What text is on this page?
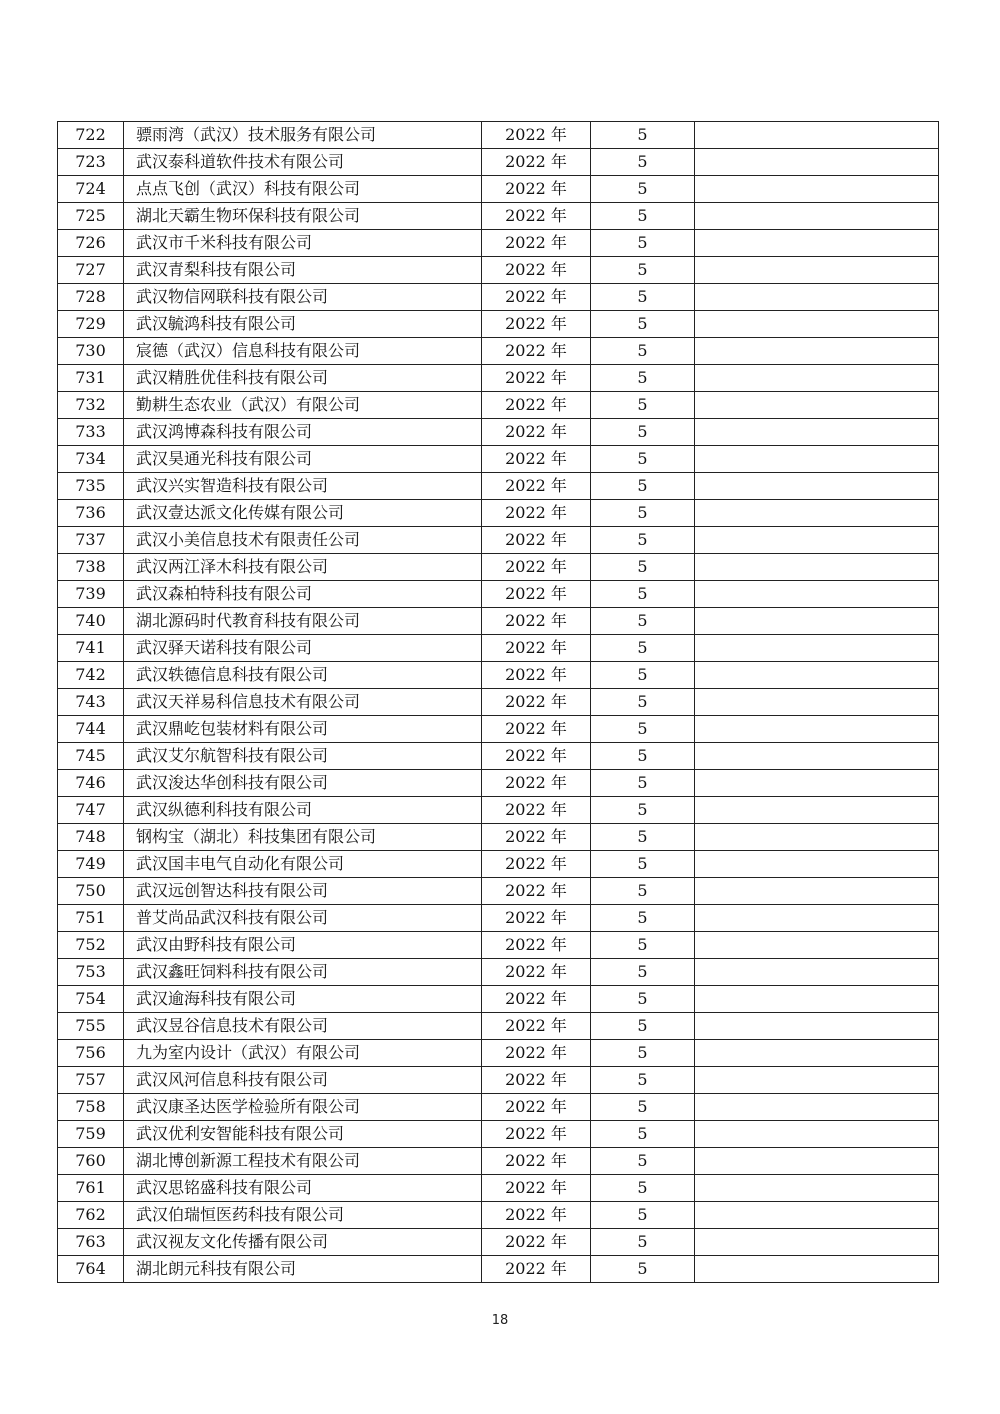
722	骠雨湾（武汉）技术服务有限公司	2022 年	5	
723	武汉泰科道软件技术有限公司	2022 年	5	
724	点点飞创（武汉）科技有限公司	2022 年	5	
725	湖北天霸生物环保科技有限公司	2022 年	5	
726	武汉市千米科技有限公司	2022 年	5	
727	武汉青梨科技有限公司	2022 年	5	
728	武汉物信网联科技有限公司	2022 年	5	
729	武汉毓鸿科技有限公司	2022 年	5	
730	宸德（武汉）信息科技有限公司	2022 年	5	
731	武汉精胜优佳科技有限公司	2022 年	5	
732	勤耕生态农业（武汉）有限公司	2022 年	5	
733	武汉鸿博森科技有限公司	2022 年	5	
734	武汉昊通光科技有限公司	2022 年	5	
735	武汉兴实智造科技有限公司	2022 年	5	
736	武汉壹达派文化传媒有限公司	2022 年	5	
737	武汉小美信息技术有限责任公司	2022 年	5	
738	武汉两江泽木科技有限公司	2022 年	5	
739	武汉森柏特科技有限公司	2022 年	5	
740	湖北源码时代教育科技有限公司	2022 年	5	
741	武汉驿天诺科技有限公司	2022 年	5	
742	武汉轶德信息科技有限公司	2022 年	5	
743	武汉天祥易科信息技术有限公司	2022 年	5	
744	武汉鼎屹包装材料有限公司	2022 年	5	
745	武汉艾尔航智科技有限公司	2022 年	5	
746	武汉浚达华创科技有限公司	2022 年	5	
747	武汉纵德利科技有限公司	2022 年	5	
748	钢构宝（湖北）科技集团有限公司	2022 年	5	
749	武汉国丰电气自动化有限公司	2022 年	5	
750	武汉远创智达科技有限公司	2022 年	5	
751	普艾尚品武汉科技有限公司	2022 年	5	
752	武汉由野科技有限公司	2022 年	5	
753	武汉鑫旺饲料科技有限公司	2022 年	5	
754	武汉逾海科技有限公司	2022 年	5	
755	武汉昱谷信息技术有限公司	2022 年	5	
756	九为室内设计（武汉）有限公司	2022 年	5	
757	武汉风河信息科技有限公司	2022 年	5	
758	武汉康圣达医学检验所有限公司	2022 年	5	
759	武汉优利安智能科技有限公司	2022 年	5	
760	湖北博创新源工程技术有限公司	2022 年	5	
761	武汉思铭盛科技有限公司	2022 年	5	
762	武汉伯瑞恒医药科技有限公司	2022 年	5	
763	武汉视友文化传播有限公司	2022 年	5	
764	湖北朗元科技有限公司	2022 年	5	
18
